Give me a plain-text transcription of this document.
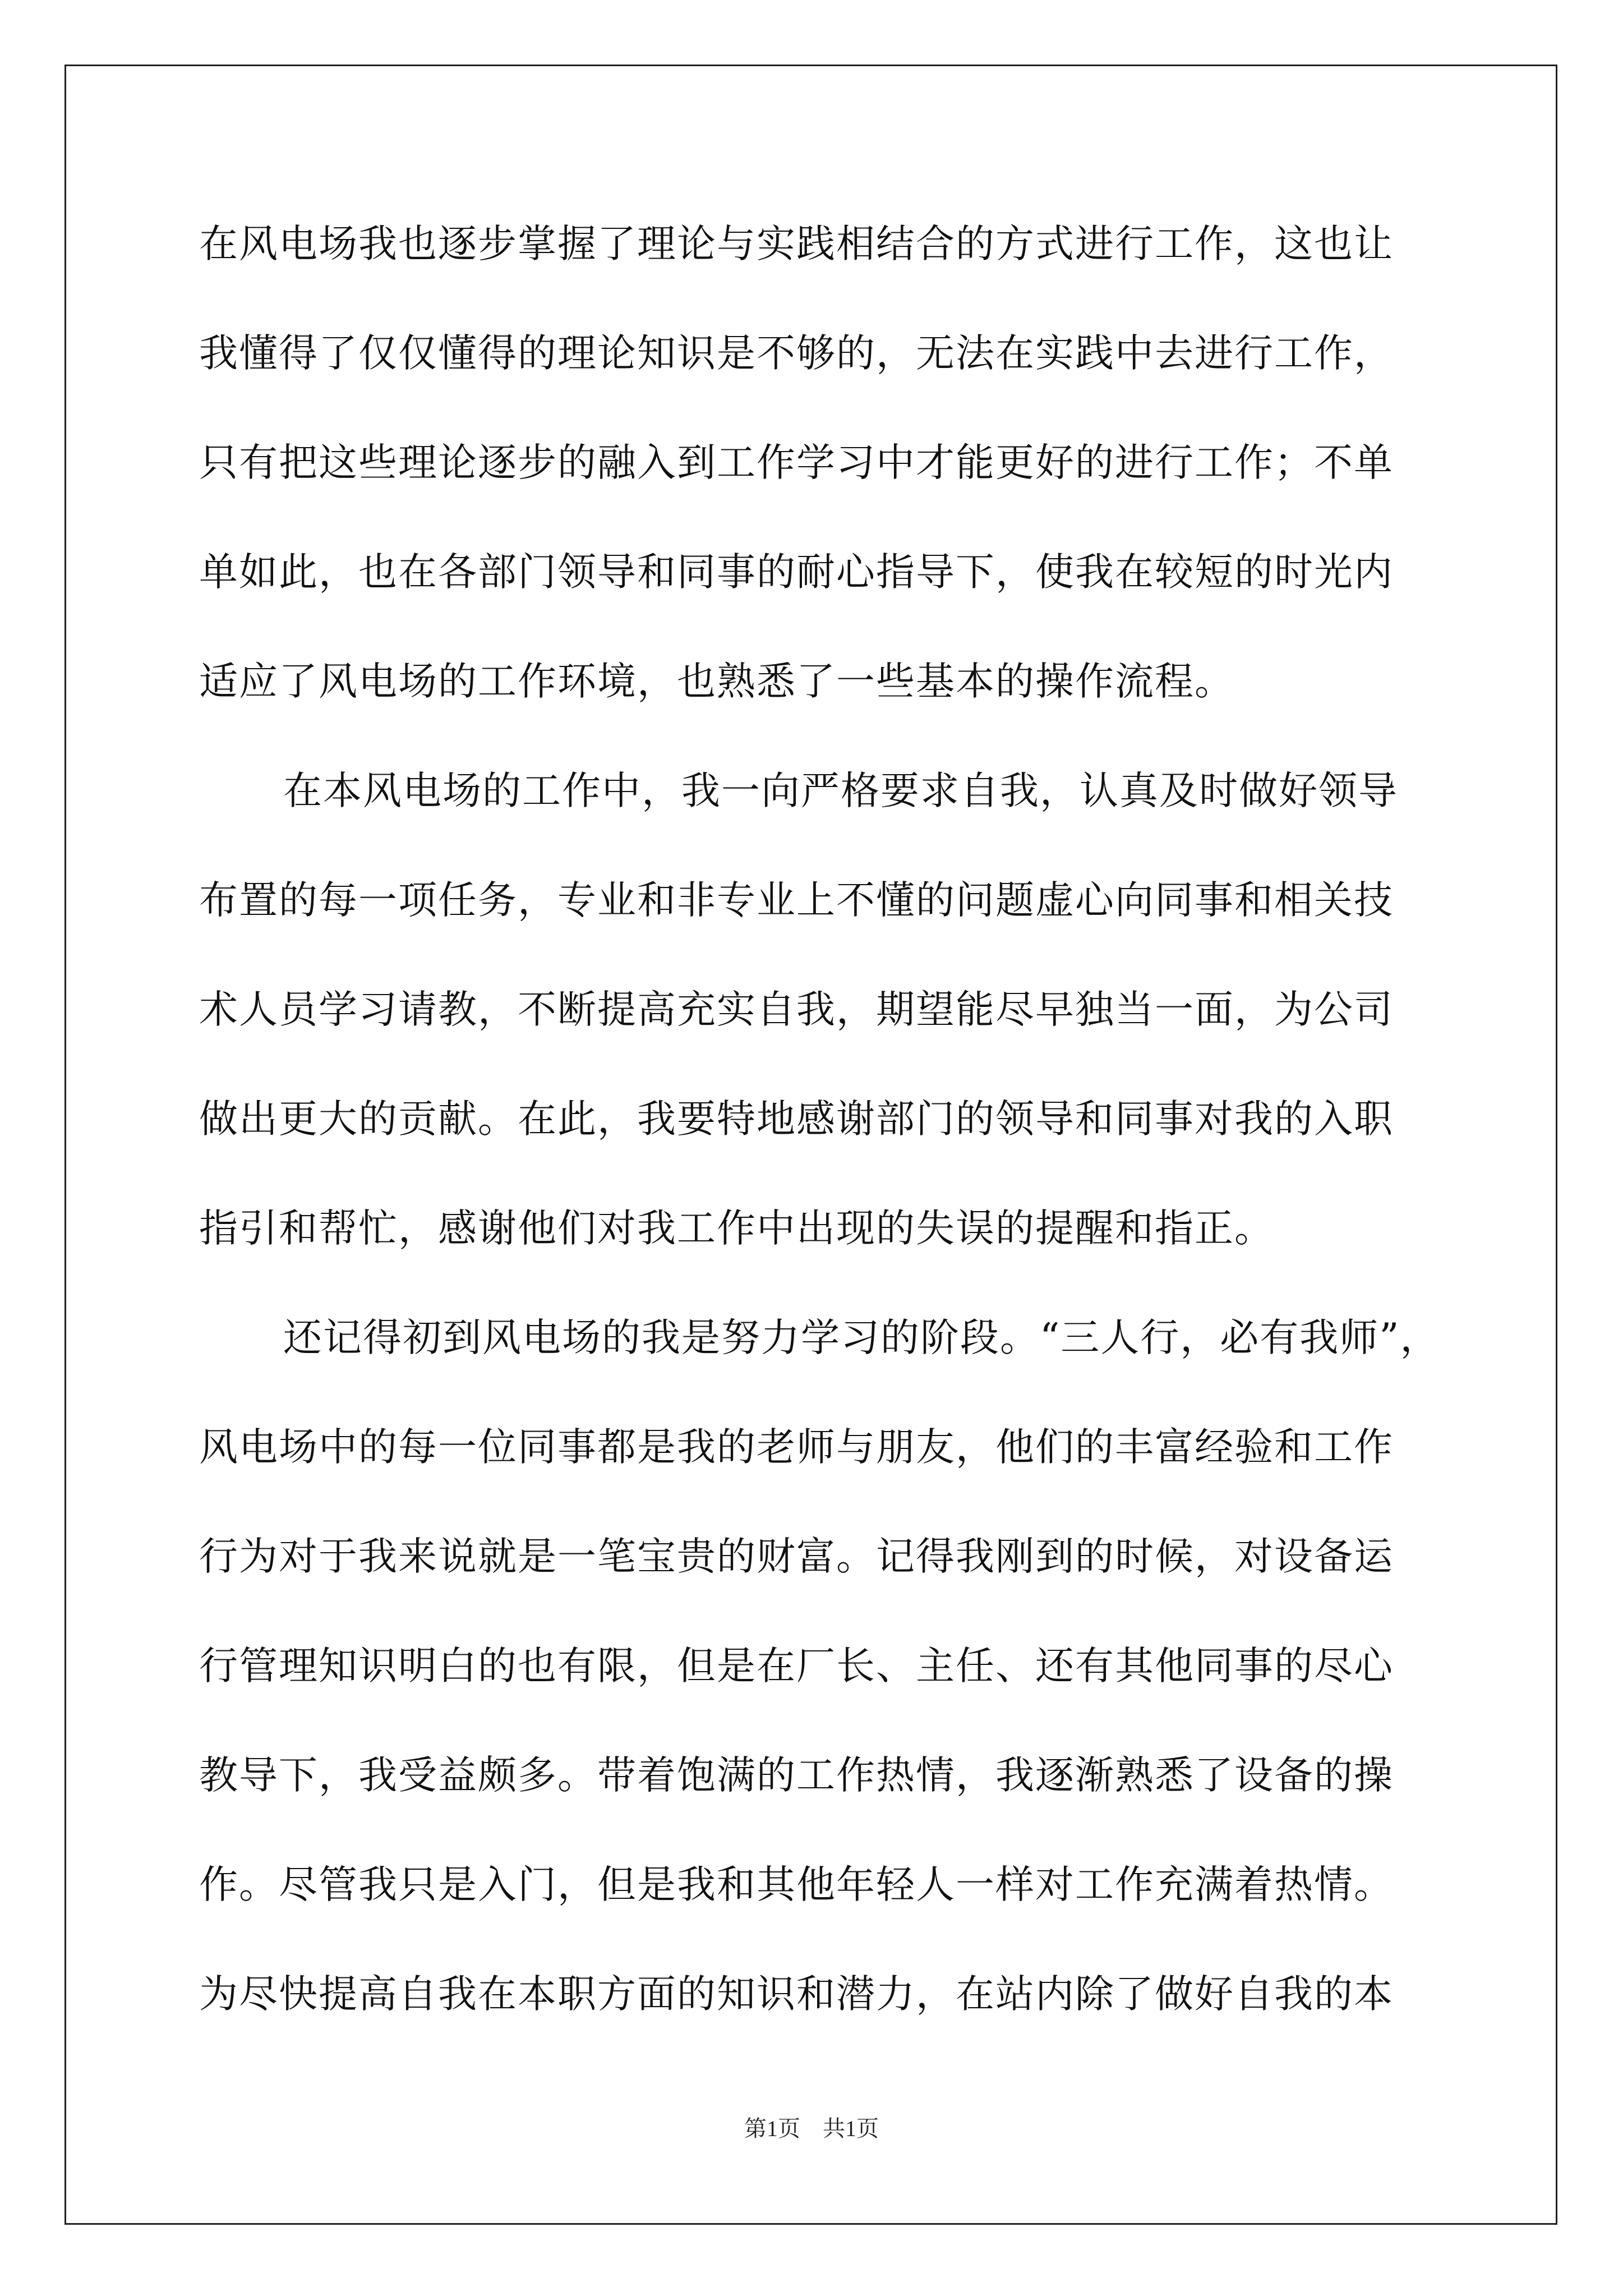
在风电场我也逐步掌握了理论与实践相结合的方式进行工作，这也让
我懂得了仅仅懂得的理论知识是不够的，无法在实践中去进行工作，
只有把这些理论逐步的融入到工作学习中才能更好的进行工作；不单
单如此，也在各部门领导和同事的耐心指导下，使我在较短的时光内
适应了风电场的工作环境，也熟悉了一些基本的操作流程。
在本风电场的工作中，我一向严格要求自我，认真及时做好领导
布置的每一项任务，专业和非专业上不懂的问题虚心向同事和相关技
术人员学习请教，不断提高充实自我，期望能尽早独当一面，为公司
做出更大的贡献。在此，我要特地感谢部门的领导和同事对我的入职
指引和帮忙，感谢他们对我工作中出现的失误的提醒和指正。
还记得初到风电场的我是努力学习的阶段。“三人行，必有我师”，
风电场中的每一位同事都是我的老师与朋友，他们的丰富经验和工作
行为对于我来说就是一笔宝贵的财富。记得我刚到的时候，对设备运
行管理知识明白的也有限，但是在厂长、主任、还有其他同事的尽心
教导下，我受益颇多。带着饱满的工作热情，我逐渐熟悉了设备的操
作。尽管我只是入门，但是我和其他年轻人一样对工作充满着热情。
为尽快提高自我在本职方面的知识和潜力，在站内除了做好自我的本
第1页　共1页
